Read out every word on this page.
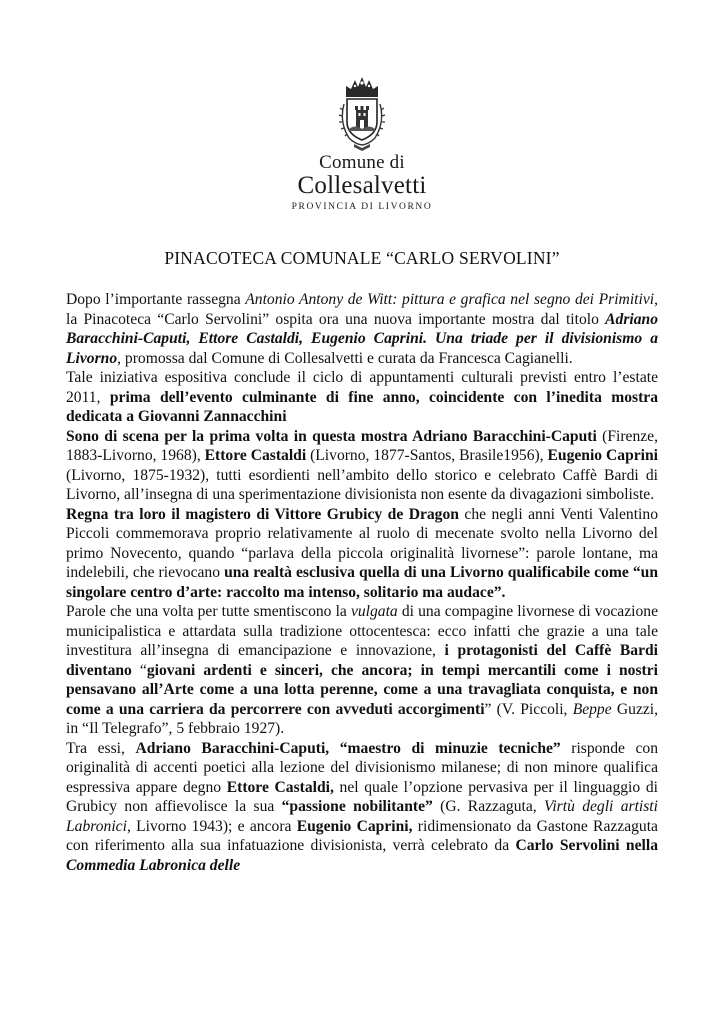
Comune di
Collesalvetti
PROVINCIA DI LIVORNO
PINACOTECA COMUNALE “CARLO SERVOLINI”

Dopo l’importante rassegna Antonio Antony de Witt: pittura e grafica nel segno dei Primitivi, la Pinacoteca “Carlo Servolini” ospita ora una nuova importante mostra dal titolo Adriano Baracchini-Caputi, Ettore Castaldi, Eugenio Caprini. Una triade per il divisionismo a Livorno, promossa dal Comune di Collesalvetti e curata da Francesca Cagianelli.

Tale iniziativa espositiva conclude il ciclo di appuntamenti culturali previsti entro l’estate 2011, prima dell’evento culminante di fine anno, coincidente con l’inedita mostra dedicata a Giovanni Zannacchini

Sono di scena per la prima volta in questa mostra Adriano Baracchini-Caputi (Firenze, 1883-Livorno, 1968), Ettore Castaldi (Livorno, 1877-Santos, Brasile1956), Eugenio Caprini (Livorno, 1875-1932), tutti esordienti nell’ambito dello storico e celebrato Caffè Bardi di Livorno, all’insegna di una sperimentazione divisionista non esente da divagazioni simboliste.

Regna tra loro il magistero di Vittore Grubicy de Dragon che negli anni Venti Valentino Piccoli commemorava proprio relativamente al ruolo di mecenate svolto nella Livorno del primo Novecento, quando “parlava della piccola originalità livornese”: parole lontane, ma indelebili, che rievocano una realtà esclusiva quella di una Livorno qualificabile come “un singolare centro d’arte: raccolto ma intenso, solitario ma audace”.

Parole che una volta per tutte smentiscono la vulgata di una compagine livornese di vocazione municipalistica e attardata sulla tradizione ottocentesca: ecco infatti che grazie a una tale investitura all’insegna di emancipazione e innovazione, i protagonisti del Caffè Bardi diventano “giovani ardenti e sinceri, che ancora; in tempi mercantili come i nostri pensavano all’Arte come a una lotta perenne, come a una travagliata conquista, e non come a una carriera da percorrere con avveduti accorgimenti” (V. Piccoli, Beppe Guzzi, in “Il Telegrafo”, 5 febbraio 1927).

Tra essi, Adriano Baracchini-Caputi, “maestro di minuzie tecniche” risponde con originalità di accenti poetici alla lezione del divisionismo milanese; di non minore qualifica espressiva appare degno Ettore Castaldi, nel quale l’opzione pervasiva per il linguaggio di Grubicy non affievolisce la sua “passione nobilitante” (G. Razzaguta, Virtù degli artisti Labronici, Livorno 1943); e ancora Eugenio Caprini, ridimensionato da Gastone Razzaguta con riferimento alla sua infatuazione divisionista, verrà celebrato da Carlo Servolini nella Commedia Labronica delle
